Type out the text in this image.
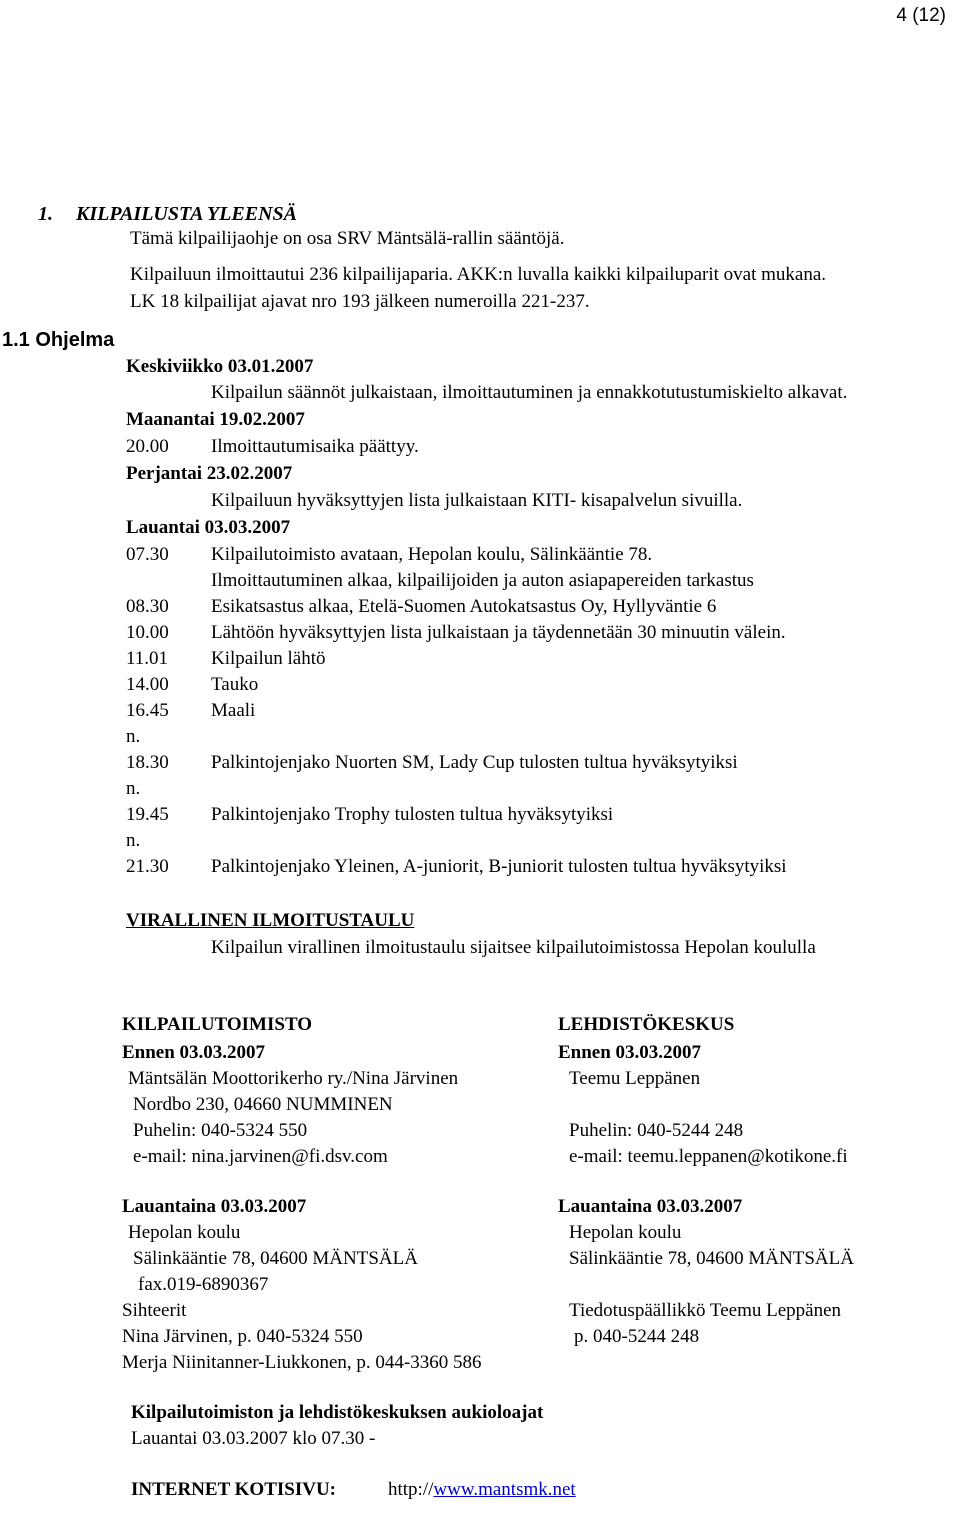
4 (12)
1. KILPAILUSTA YLEENSÄ
Tämä kilpailijaohje on osa SRV Mäntsälä-rallin sääntöjä.
Kilpailuun ilmoittautui 236 kilpailijaparia. AKK:n luvalla kaikki kilpailuparit ovat mukana.
LK 18 kilpailijat ajavat nro 193 jälkeen numeroilla 221-237.
1.1 Ohjelma
Keskiviikko 03.01.2007
Kilpailun säännöt julkaistaan, ilmoittautuminen ja ennakkotutustumiskielto alkavat.
Maanantai 19.02.2007
20.00 Ilmoittautumisaika päättyy.
Perjantai 23.02.2007
Kilpailuun hyväksyttyjen lista julkaistaan KITI- kisapalvelun sivuilla.
Lauantai 03.03.2007
07.30 Kilpailutoimisto avataan, Hepolan koulu, Sälinkääntie 78.
Ilmoittautuminen alkaa, kilpailijoiden ja auton asiapapereiden tarkastus
08.30 Esikatsastus alkaa, Etelä-Suomen Autokatsastus Oy, Hyllyväntie 6
10.00 Lähtöön hyväksyttyjen lista julkaistaan ja täydennetään 30 minuutin välein.
11.01 Kilpailun lähtö
14.00 Tauko
16.45 Maali
n.
18.30 Palkintojenjako Nuorten SM, Lady Cup tulosten tultua hyväksytyiksi
n.
19.45 Palkintojenjako Trophy tulosten tultua hyväksytyiksi
n.
21.30 Palkintojenjako Yleinen, A-juniorit, B-juniorit tulosten tultua hyväksytyiksi
VIRALLINEN ILMOITUSTAULU
Kilpailun virallinen ilmoitustaulu sijaitsee kilpailutoimistossa Hepolan koululla
KILPAILUTOIMISTO
Ennen 03.03.2007
Mäntsälän Moottorikerho ry./Nina Järvinen
Nordbo 230, 04660 NUMMINEN
Puhelin: 040-5324 550
e-mail: nina.jarvinen@fi.dsv.com
Lauantaina 03.03.2007
Hepolan koulu
Sälinkääntie 78, 04600 MÄNTSÄLÄ
fax.019-6890367
Sihteerit
Nina Järvinen, p. 040-5324 550
Merja Niinitanner-Liukkonen, p. 044-3360 586
LEHDISTÖKESKUS
Ennen 03.03.2007
Teemu Leppänen
Puhelin: 040-5244 248
e-mail: teemu.leppanen@kotikone.fi
Lauantaina 03.03.2007
Hepolan koulu
Sälinkääntie 78, 04600 MÄNTSÄLÄ
Tiedotuspäällikkö Teemu Leppänen
p. 040-5244 248
Kilpailutoimiston ja lehdistökeskuksen aukioloajat
Lauantai 03.03.2007 klo 07.30 -
INTERNET KOTISIVU:	http://www.mantsmk.net
